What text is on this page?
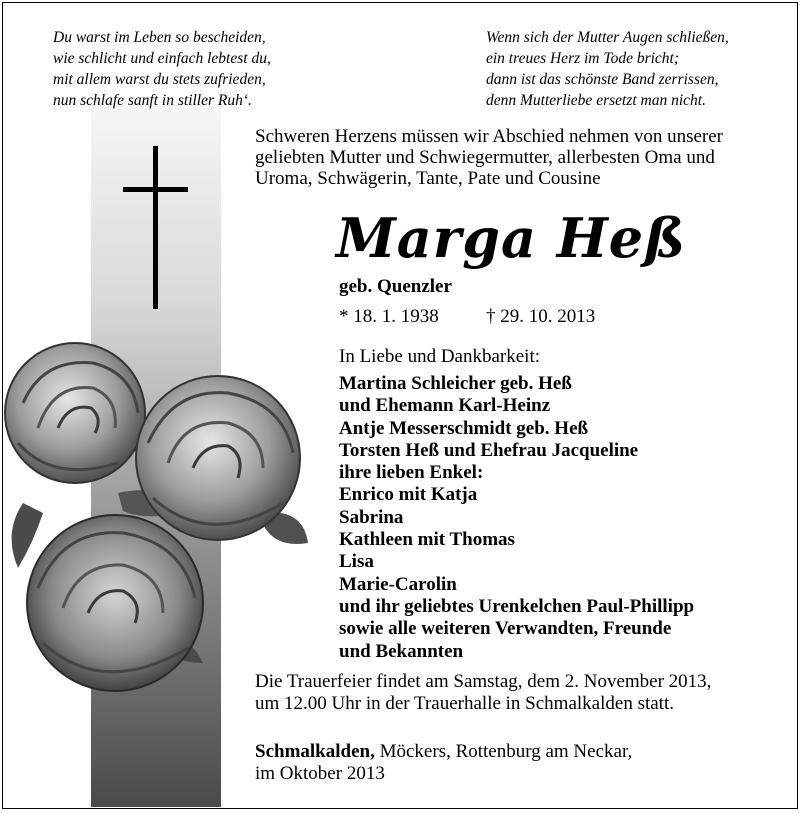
Du warst im Leben so bescheiden,
wie schlicht und einfach lebtest du,
mit allem warst du stets zufrieden,
nun schlafe sanft in stiller Ruh‘.
Wenn sich der Mutter Augen schließen,
ein treues Herz im Tode bricht;
dann ist das schönste Band zerrissen,
denn Mutterliebe ersetzt man nicht.
Schweren Herzens müssen wir Abschied nehmen von unserer
geliebten Mutter und Schwiegermutter, allerbesten Oma und
Uroma, Schwägerin, Tante, Pate und Cousine
Marga Heß
geb. Quenzler
* 18. 1. 1938 † 29. 10. 2013
In Liebe und Dankbarkeit:
Martina Schleicher geb. Heß
und Ehemann Karl-Heinz
Antje Messerschmidt geb. Heß
Torsten Heß und Ehefrau Jacqueline
ihre lieben Enkel:
Enrico mit Katja
Sabrina
Kathleen mit Thomas
Lisa
Marie-Carolin
und ihr geliebtes Urenkelchen Paul-Phillipp
sowie alle weiteren Verwandten, Freunde
und Bekannten
Die Trauerfeier findet am Samstag, dem 2. November 2013,
um 12.00 Uhr in der Trauerhalle in Schmalkalden statt.
Schmalkalden, Möckers, Rottenburg am Neckar,
im Oktober 2013
